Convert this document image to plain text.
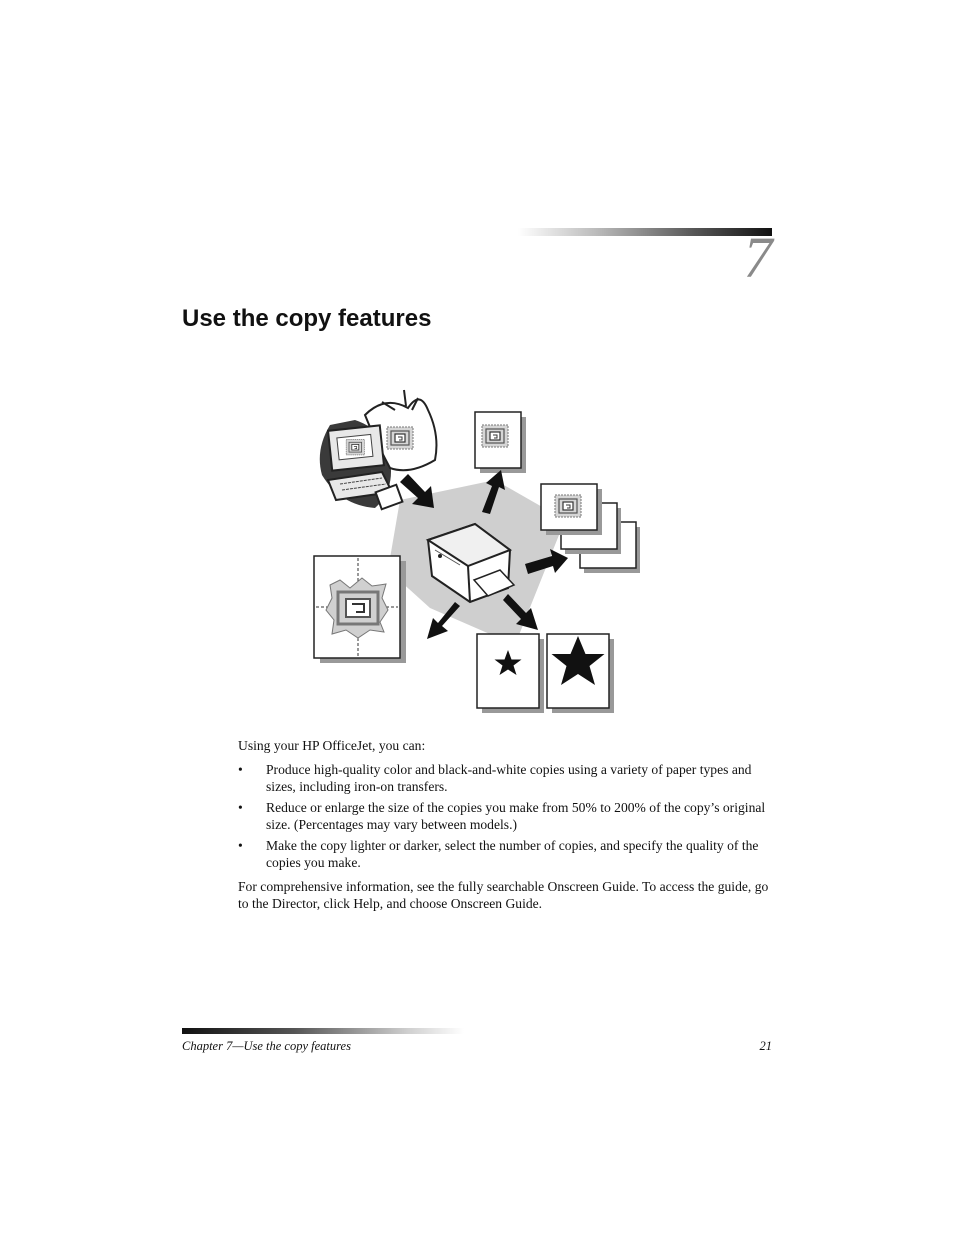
7
Use the copy features

Using your HP OfficeJet, you can:

• Produce high-quality color and black-and-white copies using a variety of paper types and sizes, including iron-on transfers.
• Reduce or enlarge the size of the copies you make from 50% to 200% of the copy’s original size. (Percentages may vary between models.)
• Make the copy lighter or darker, select the number of copies, and specify the quality of the copies you make.

For comprehensive information, see the fully searchable Onscreen Guide. To access the guide, go to the Director, click Help, and choose Onscreen Guide.

Chapter 7—Use the copy features	21
